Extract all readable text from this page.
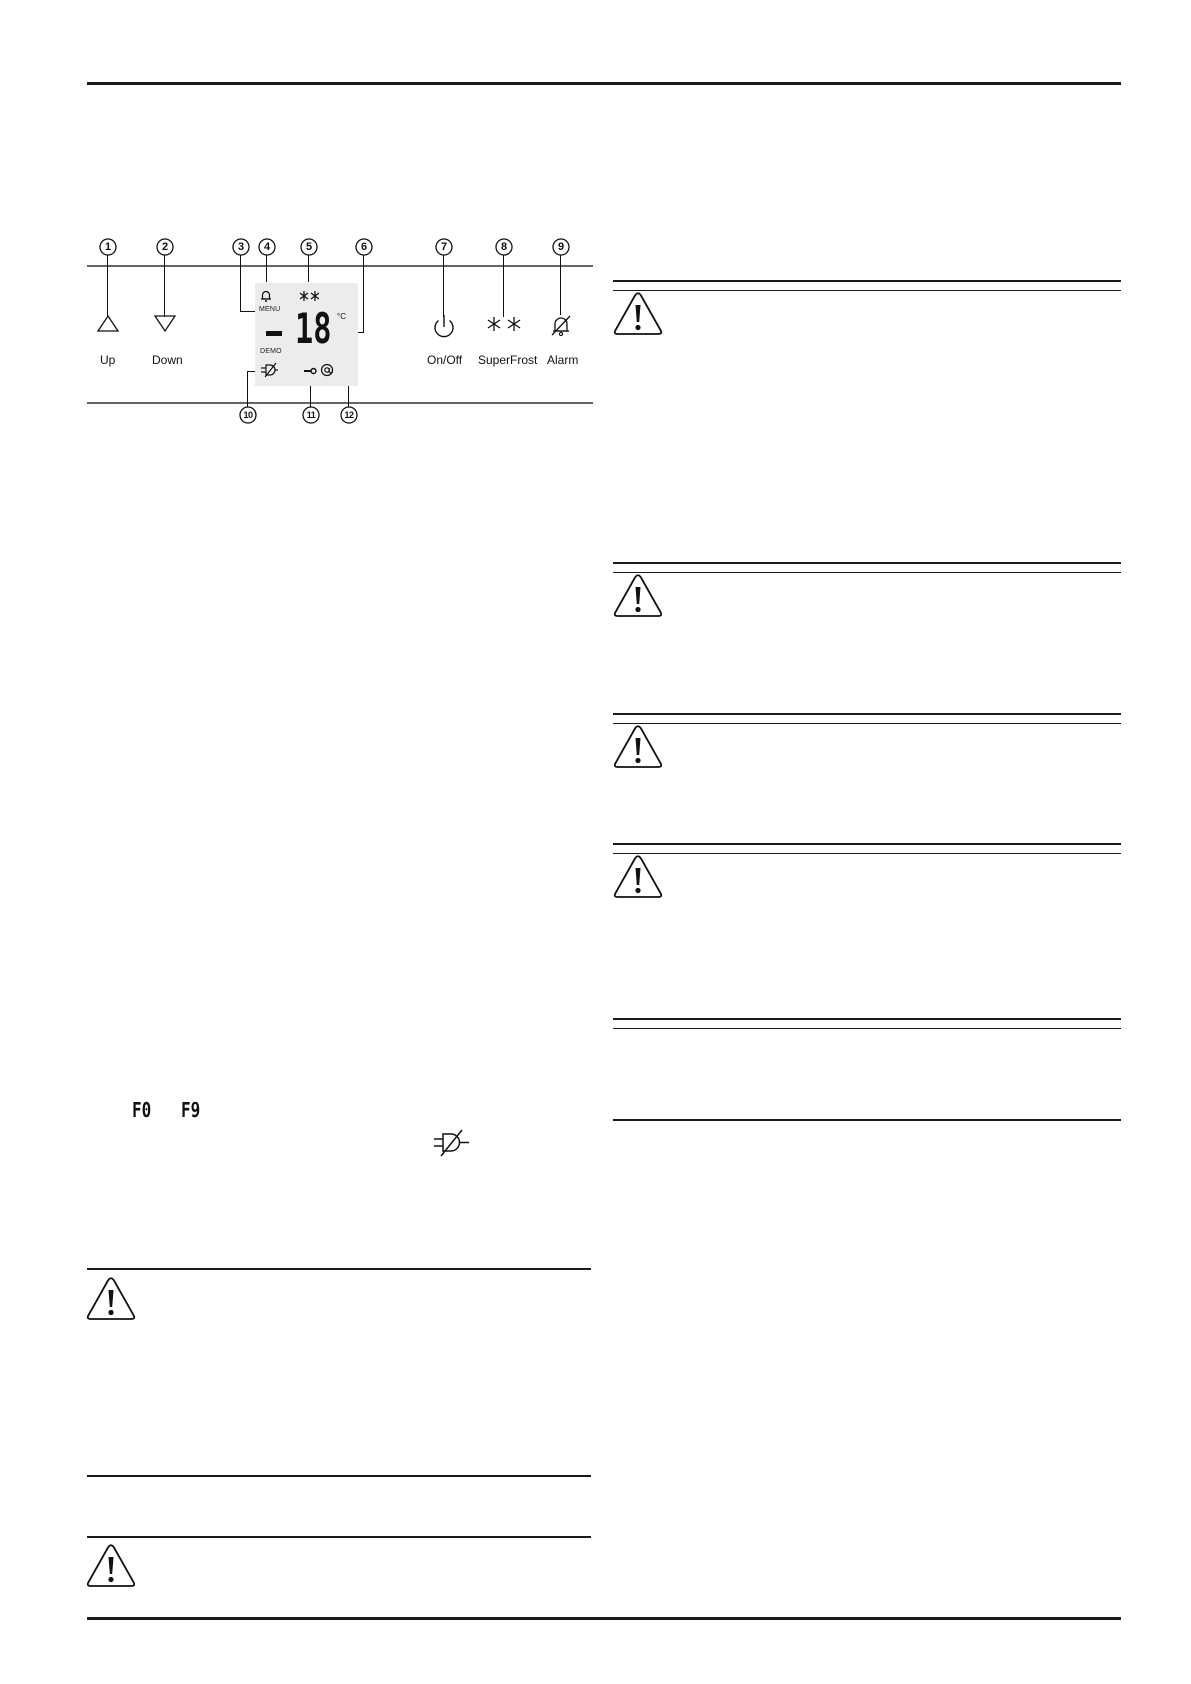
1	2	3	4	5	6	7	8	9
10	11	12
Up	Down	On/Off SuperFrost Alarm
MENU 18 °C
DEMO
F0 F9
